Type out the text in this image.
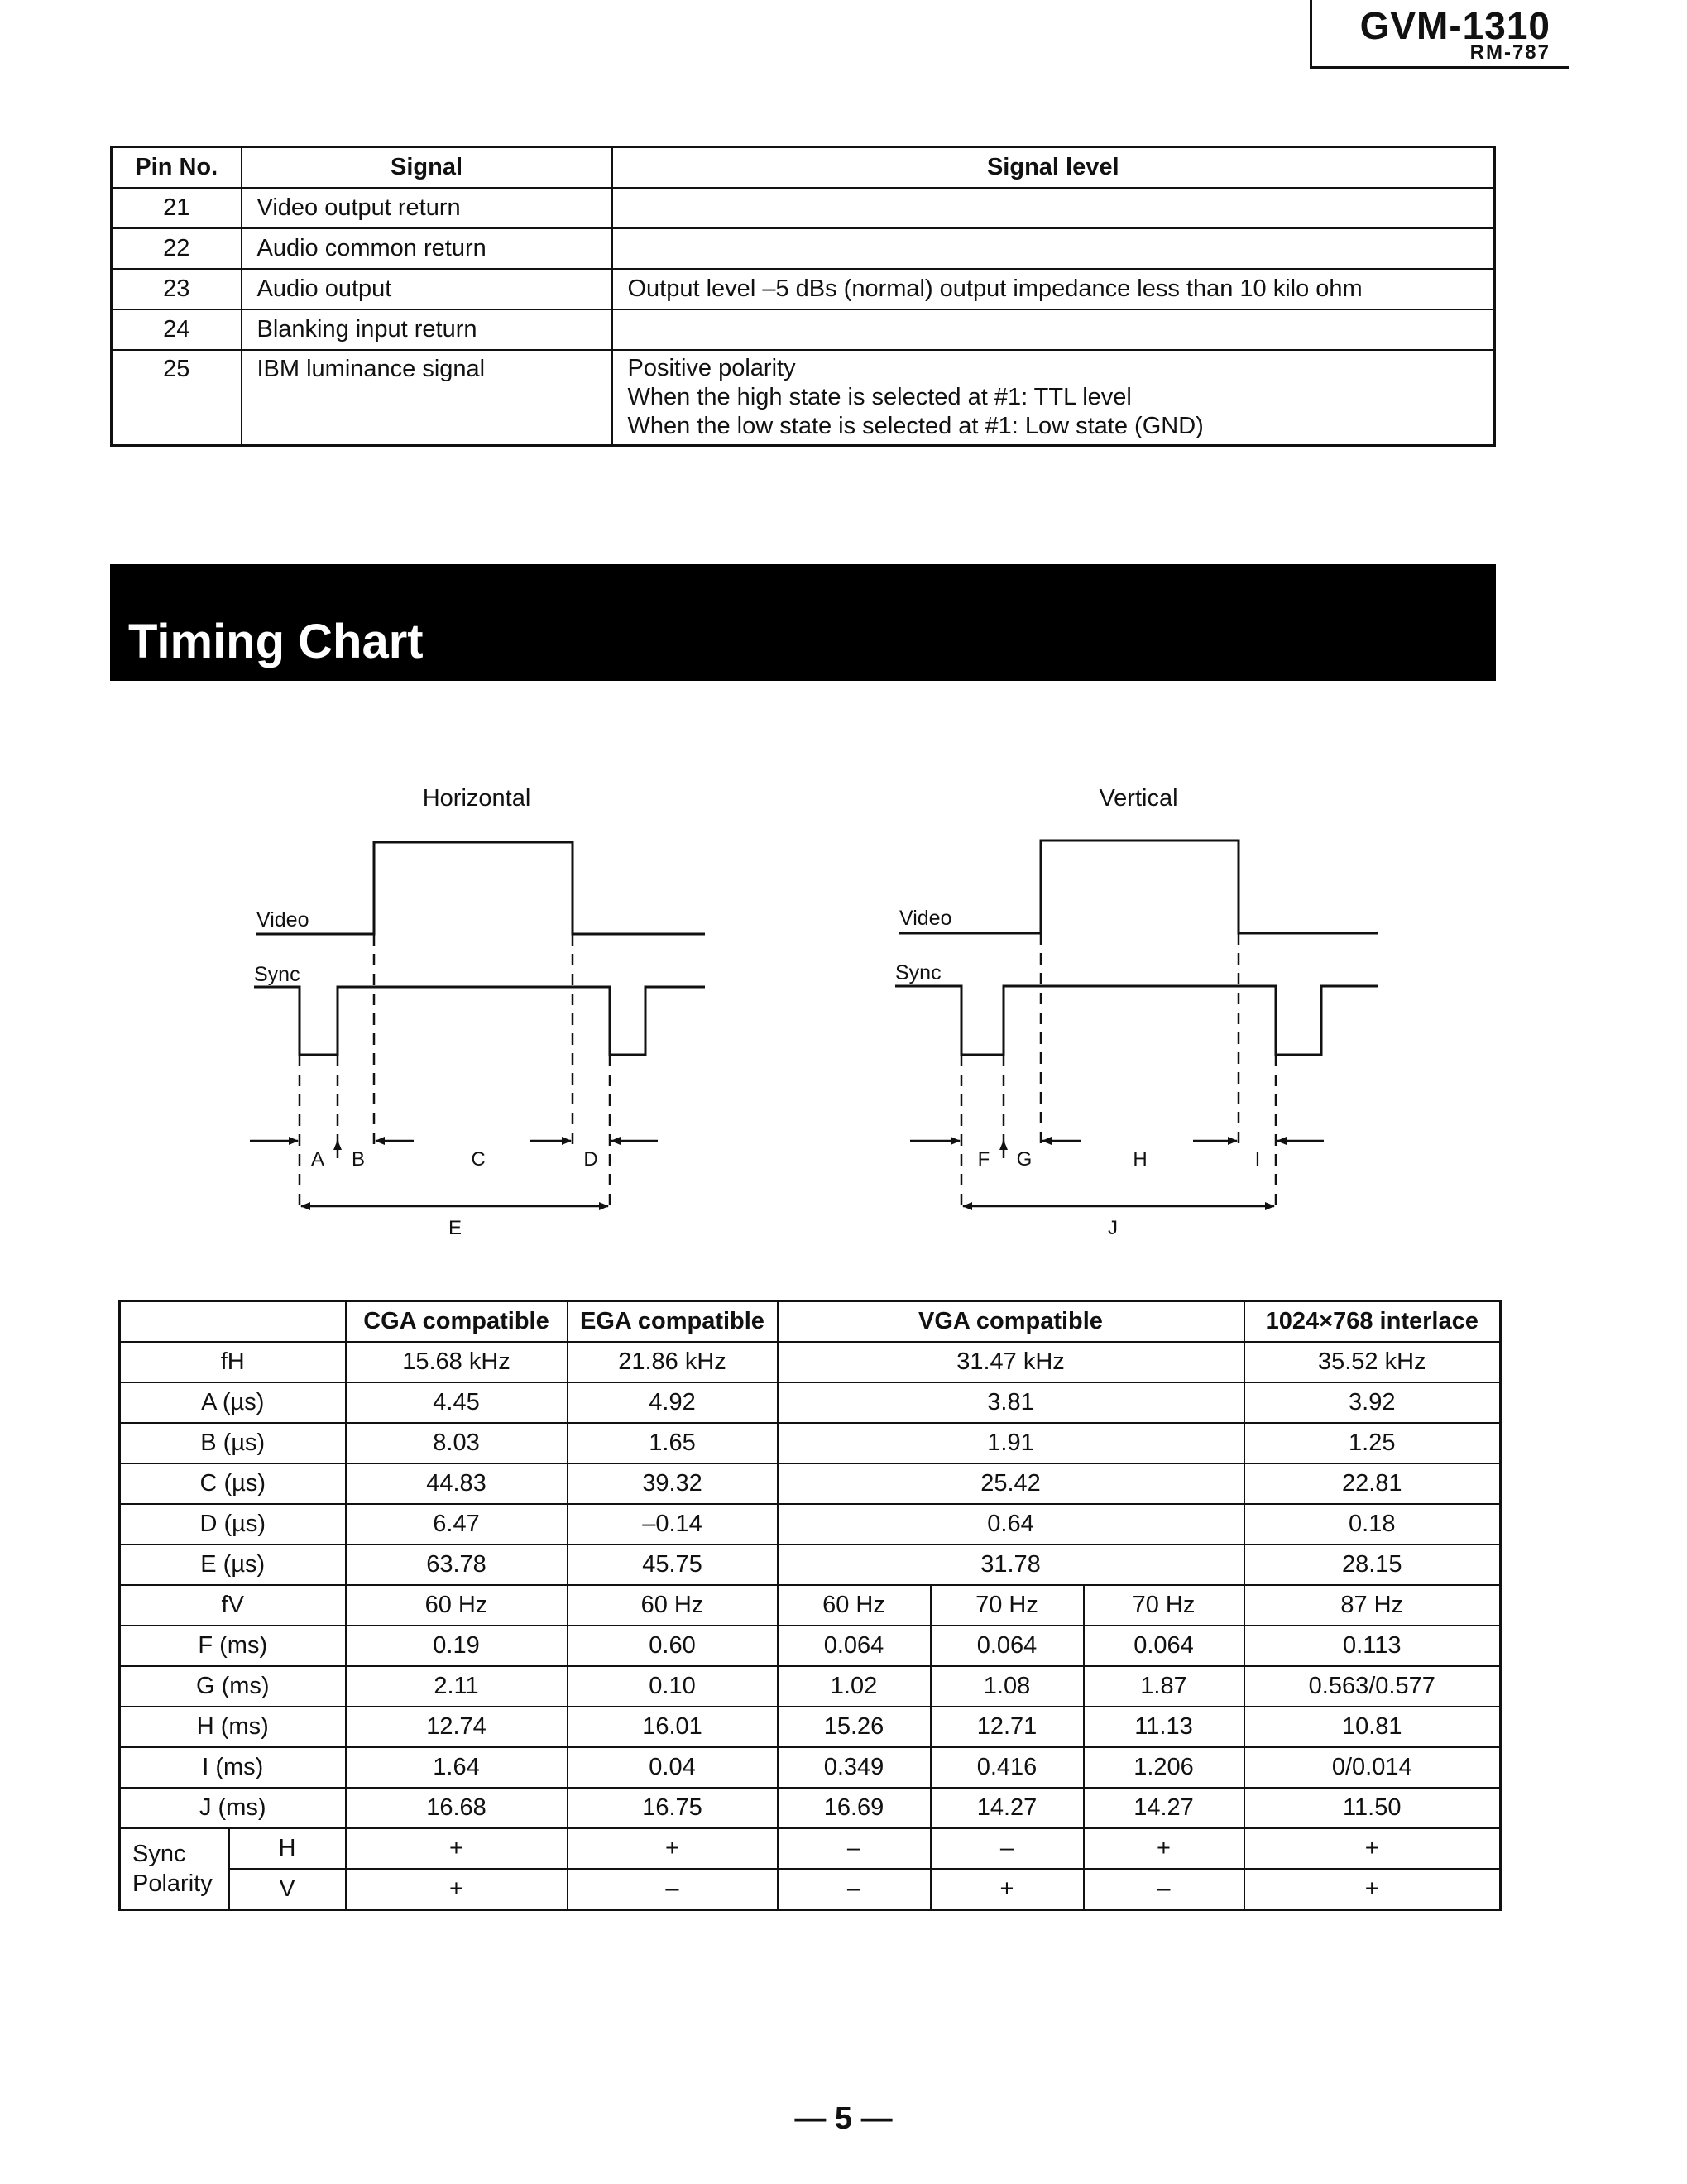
GVM-1310
RM-787
Pin No.	Signal	Signal level
21	Video output return	
22	Audio common return	
23	Audio output	Output level –5 dBs (normal) output impedance less than 10 kilo ohm
24	Blanking input return	
25	IBM luminance signal	Positive polarity
When the high state is selected at #1: TTL level
When the low state is selected at #1: Low state (GND)
Timing Chart
Horizontal
Video
Sync
A B	C	D
E
Vertical
Video
Sync
F G	H	I
J
		CGA compatible	EGA compatible	VGA compatible			1024×768 interlace
fH		15.68 kHz	21.86 kHz	31.47 kHz			35.52 kHz
A (µs)		4.45	4.92	3.81			3.92
B (µs)		8.03	1.65	1.91			1.25
C (µs)		44.83	39.32	25.42			22.81
D (µs)		6.47	–0.14	0.64			0.18
E (µs)		63.78	45.75	31.78			28.15
fV		60 Hz	60 Hz	60 Hz	70 Hz	70 Hz	87 Hz
F (ms)		0.19	0.60	0.064	0.064	0.064	0.113
G (ms)		2.11	0.10	1.02	1.08	1.87	0.563/0.577
H (ms)		12.74	16.01	15.26	12.71	11.13	10.81
I (ms)		1.64	0.04	0.349	0.416	1.206	0/0.014
J (ms)		16.68	16.75	16.69	14.27	14.27	11.50

Sync
Polarity	H	+	+	–	–	+	+
	V	+	–	–	+	–	+
— 5 —
